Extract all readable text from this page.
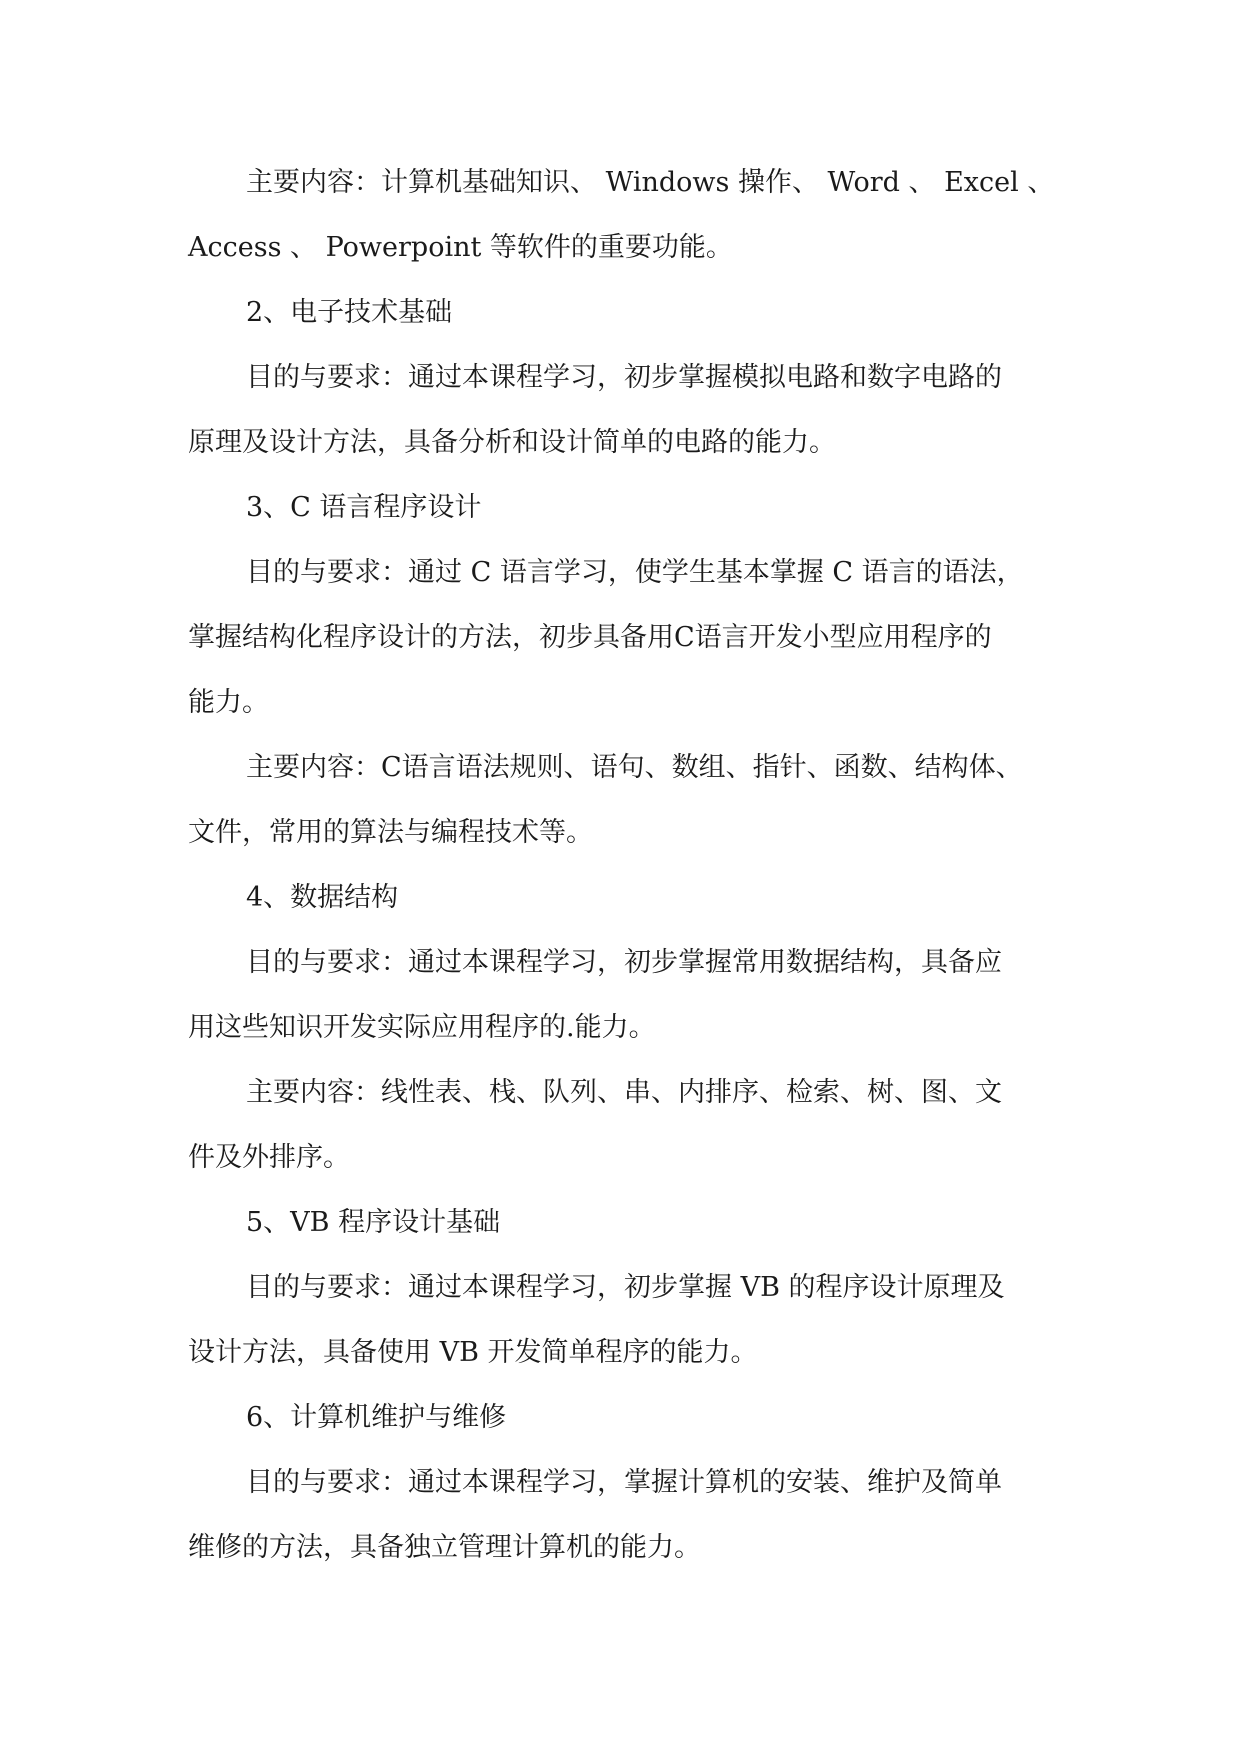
主要内容：计算机基础知识、 Windows 操作、 Word 、 Excel 、
Access 、 Powerpoint 等软件的重要功能。
2、电子技术基础
目的与要求：通过本课程学习，初步掌握模拟电路和数字电路的
原理及设计方法，具备分析和设计简单的电路的能力。
3、C 语言程序设计
目的与要求：通过 C 语言学习，使学生基本掌握 C 语言的语法，
掌握结构化程序设计的方法，初步具备用C语言开发小型应用程序的
能力。
主要内容：C语言语法规则、语句、数组、指针、函数、结构体、
文件，常用的算法与编程技术等。
4、数据结构
目的与要求：通过本课程学习，初步掌握常用数据结构，具备应
用这些知识开发实际应用程序的.能力。
主要内容：线性表、栈、队列、串、内排序、检索、树、图、文
件及外排序。
5、VB 程序设计基础
目的与要求：通过本课程学习，初步掌握 VB 的程序设计原理及
设计方法，具备使用 VB 开发简单程序的能力。
6、计算机维护与维修
目的与要求：通过本课程学习，掌握计算机的安装、维护及简单
维修的方法，具备独立管理计算机的能力。
